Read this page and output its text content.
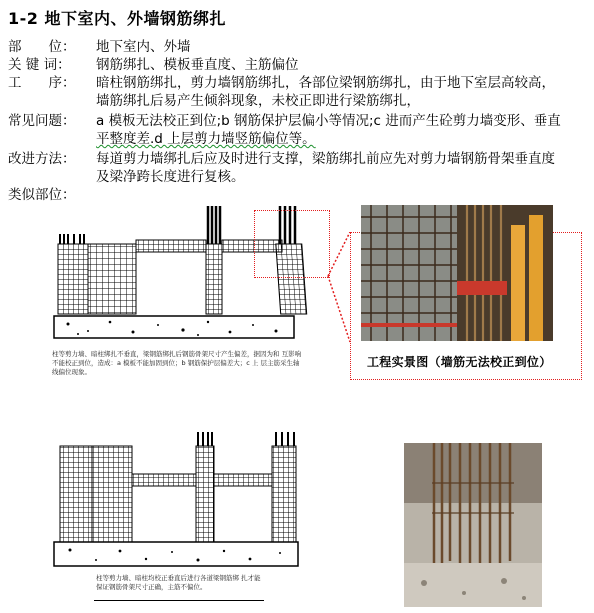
1-2 地下室内、外墙钢筋绑扎
部　　位：	地下室内、外墙
关 键 词：	钢筋绑扎、模板垂直度、主筋偏位
工　　序：	暗柱钢筋绑扎，剪力墙钢筋绑扎，各部位梁钢筋绑扎，由于地下室层高较高，
墙筋绑扎后易产生倾斜现象，未校正即进行梁筋绑扎，
常见问题：	a 模板无法校正到位;b 钢筋保护层偏小等情况;c 进而产生砼剪力墙变形、垂直
平整度差.d 上层剪力墙竖筋偏位等。
改进方法：	每道剪力墙绑扎后应及时进行支撑，梁筋绑扎前应先对剪力墙钢筋骨架垂直度
及梁净跨长度进行复核。
类似部位：
工程实景图（墙筋无法校正到位）
柱等剪力墙、暗柱绑扎不垂直，梁钢筋绑扎后钢筋骨架尺寸产生偏差，据因为和 互影响不能校正到位，造成：a 模板不能加固到位；b 钢筋保护层偏差大；c 上 层主筋采生轴线偏位现象。
柱等剪力墙、暗柱均校正垂直后进行各道梁钢筋绑 扎才能保证钢筋骨架尺寸正确，主筋不偏位。
